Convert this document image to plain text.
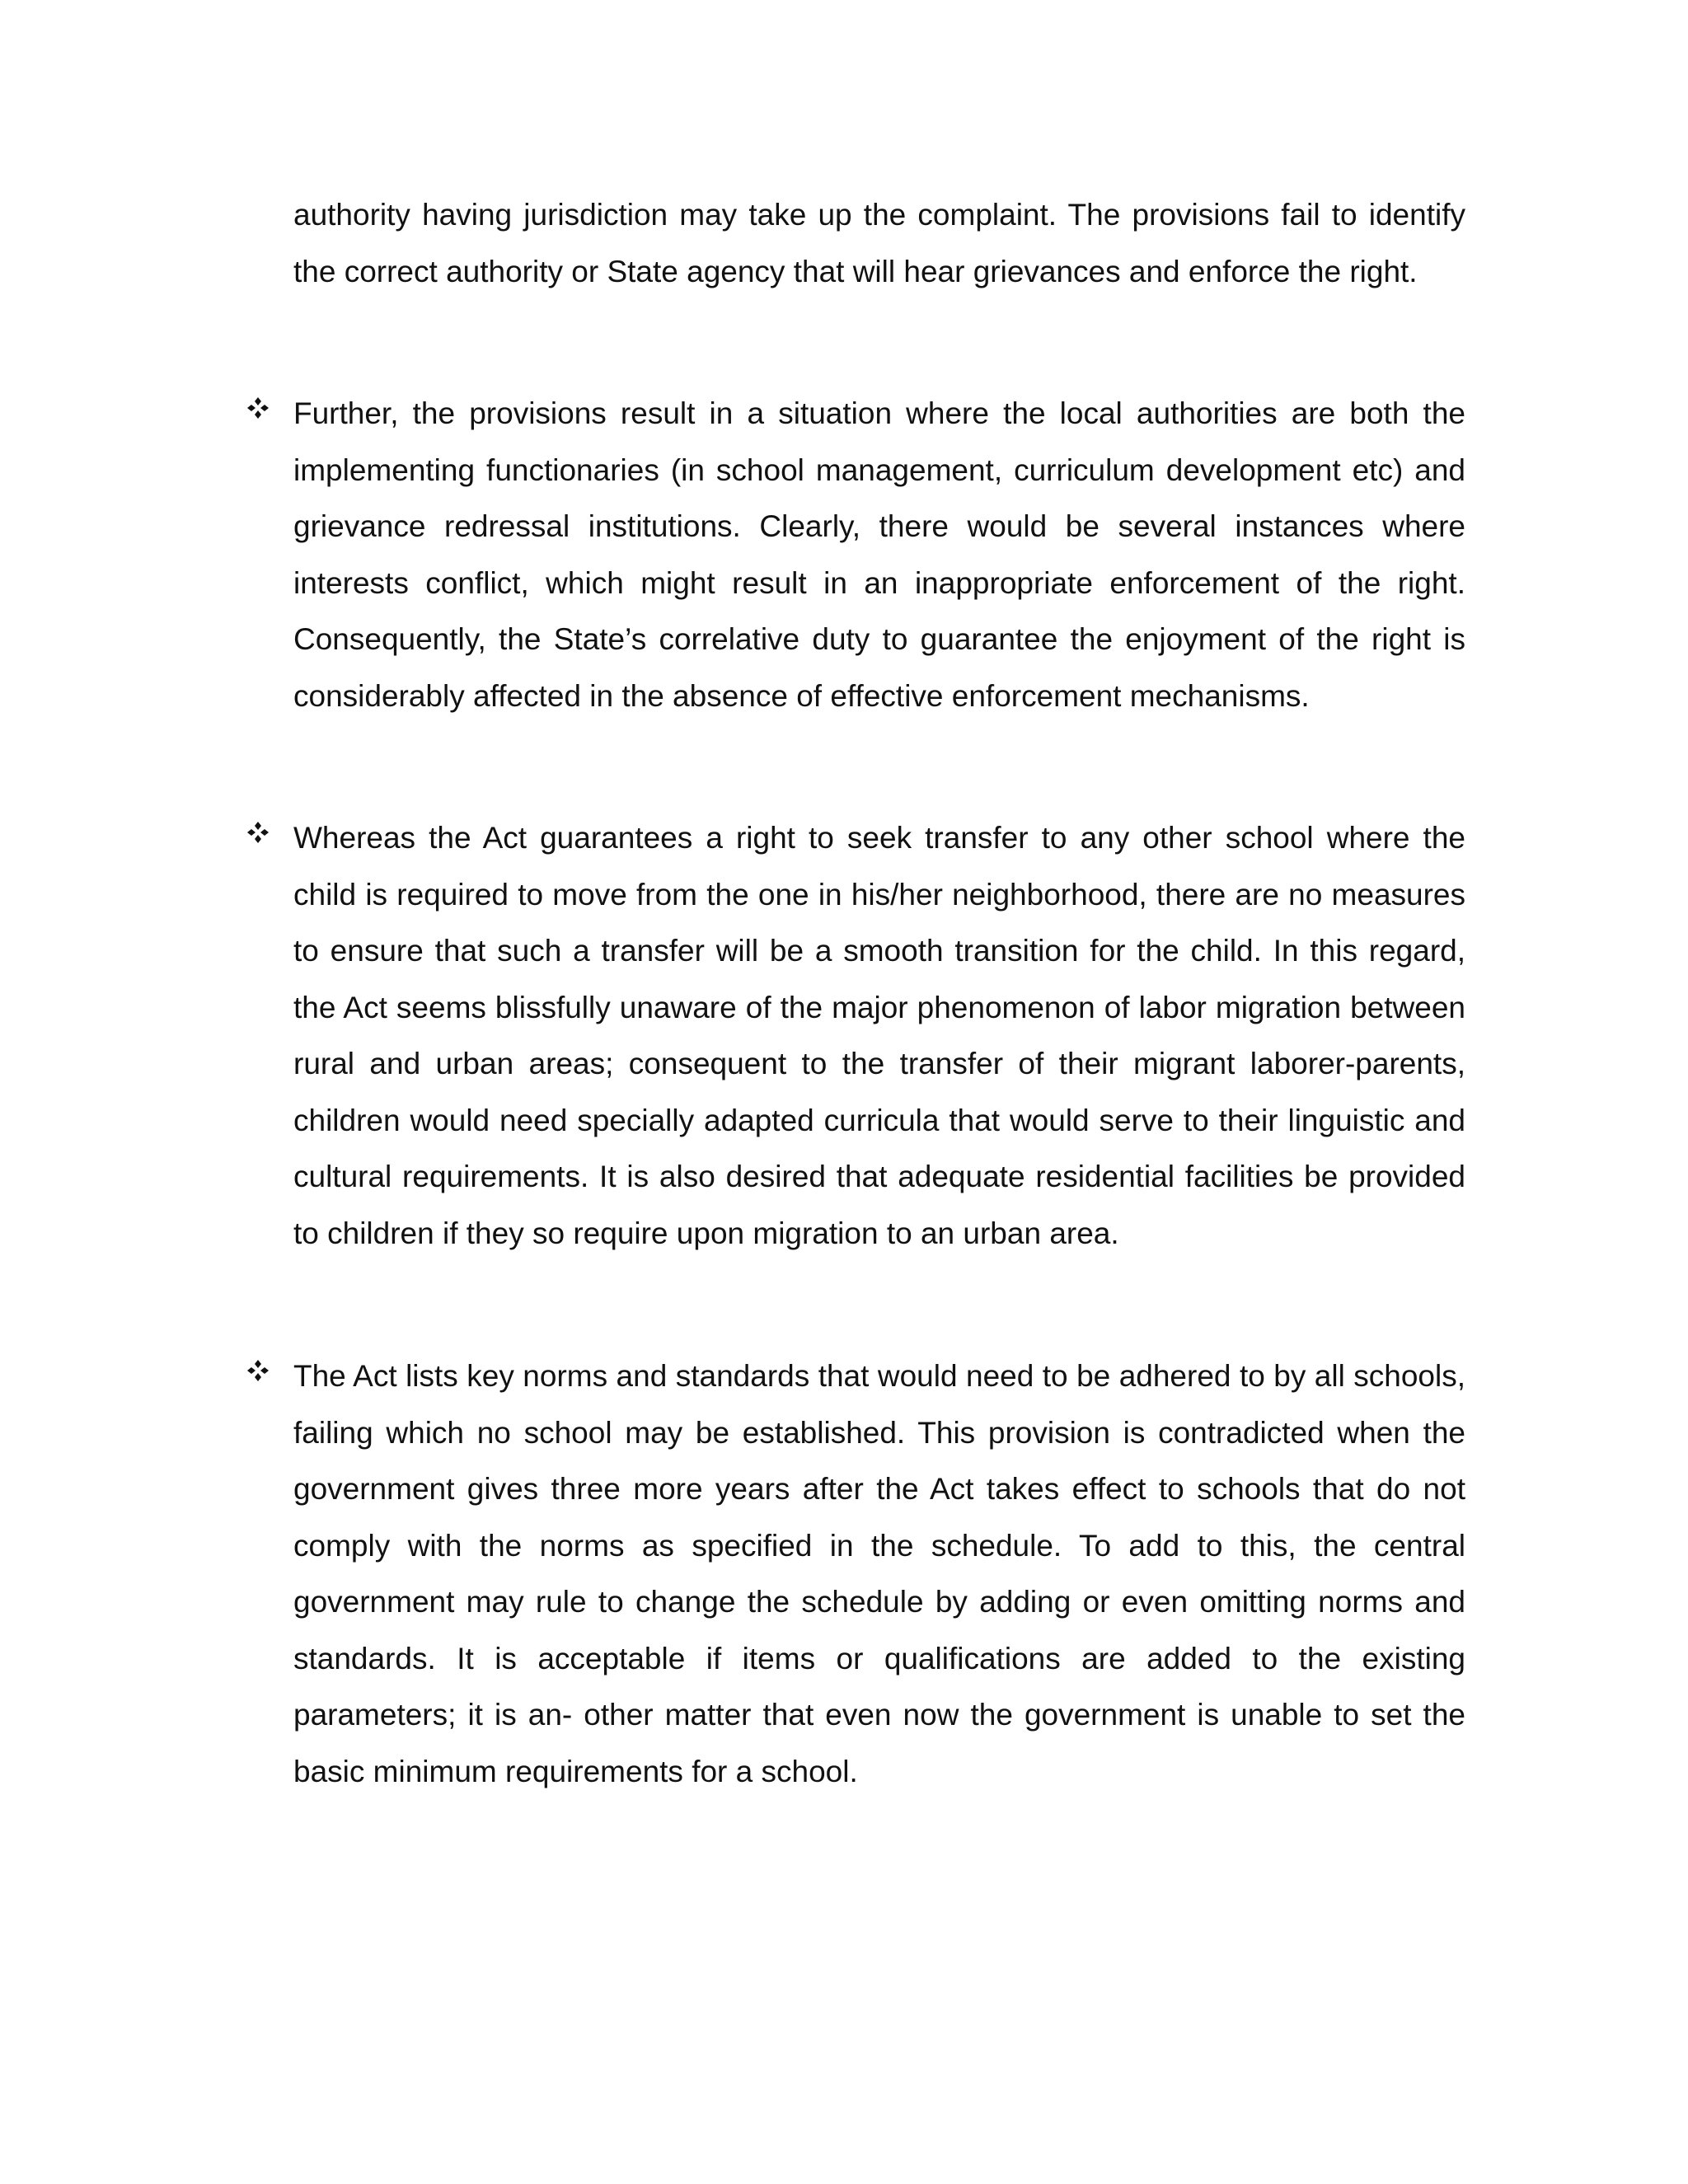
authority having jurisdiction may take up the complaint. The provisions fail to identify the correct authority or State agency that will hear grievances and enforce the right.

Further, the provisions result in a situation where the local authorities are both the implementing functionaries (in school management, curriculum development etc) and grievance redressal institutions. Clearly, there would be several instances where interests conflict, which might result in an inappropriate enforcement of the right. Consequently, the State’s correlative duty to guarantee the enjoyment of the right is considerably affected in the absence of effective enforcement mechanisms.

Whereas the Act guarantees a right to seek transfer to any other school where the child is required to move from the one in his/her neighborhood, there are no measures to ensure that such a transfer will be a smooth transition for the child. In this regard, the Act seems blissfully unaware of the major phenomenon of labor migration between rural and urban areas; consequent to the transfer of their migrant laborer-parents, children would need specially adapted curricula that would serve to their linguistic and cultural requirements. It is also desired that adequate residential facilities be provided to children if they so require upon migration to an urban area.

The Act lists key norms and standards that would need to be adhered to by all schools, failing which no school may be established. This provision is contradicted when the government gives three more years after the Act takes effect to schools that do not comply with the norms as specified in the schedule. To add to this, the central government may rule to change the schedule by adding or even omitting norms and standards. It is acceptable if items or qualifications are added to the existing parameters; it is an- other matter that even now the government is unable to set the basic minimum requirements for a school.
